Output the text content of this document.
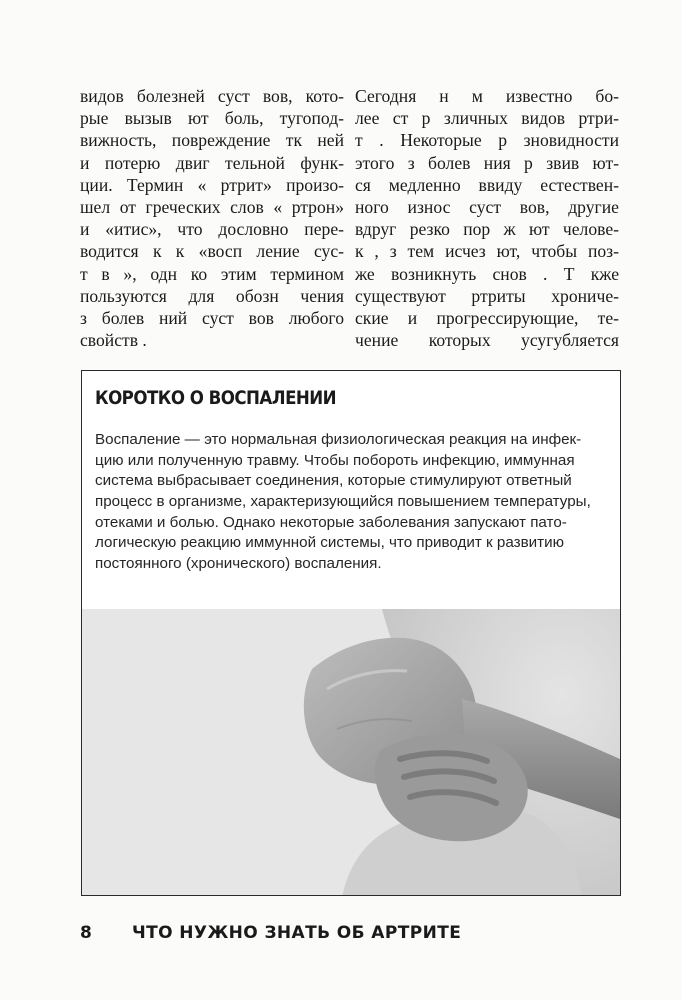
видов болезней суст вов, кото-
рые вызыв ют боль, тугопод-
вижность, повреждение тк ней
и потерю двиг тельной функ-
ции. Термин « ртрит» произо-
шел от греческих слов « ртрон»
и «итис», что дословно пере-
водится к к «восп ление сус-
т в », одн ко этим термином
пользуются для обозн чения
з болев ний суст вов любого
свойств .
Сегодня н м известно бо-
лее ст р зличных видов ртри-
т . Некоторые р зновидности
этого з болев ния р звив ют-
ся медленно ввиду естествен-
ного износ суст вов, другие
вдруг резко пор ж ют челове-
к , з тем исчез ют, чтобы поз-
же возникнуть снов . Т кже
существуют ртриты хрониче-
ские и прогрессирующие, те-
чение которых усугубляется
КОРОТКО О ВОСПАЛЕНИИ
Воспаление — это нормальная физиологическая реакция на инфек-
цию или полученную травму. Чтобы побороть инфекцию, иммунная
система выбрасывает соединения, которые стимулируют ответный
процесс в организме, характеризующийся повышением температуры,
отеками и болью. Однако некоторые заболевания запускают пато-
логическую реакцию иммунной системы, что приводит к развитию
постоянного (хронического) воспаления.
8 ЧТО НУЖНО ЗНАТЬ ОБ АРТРИТЕ
